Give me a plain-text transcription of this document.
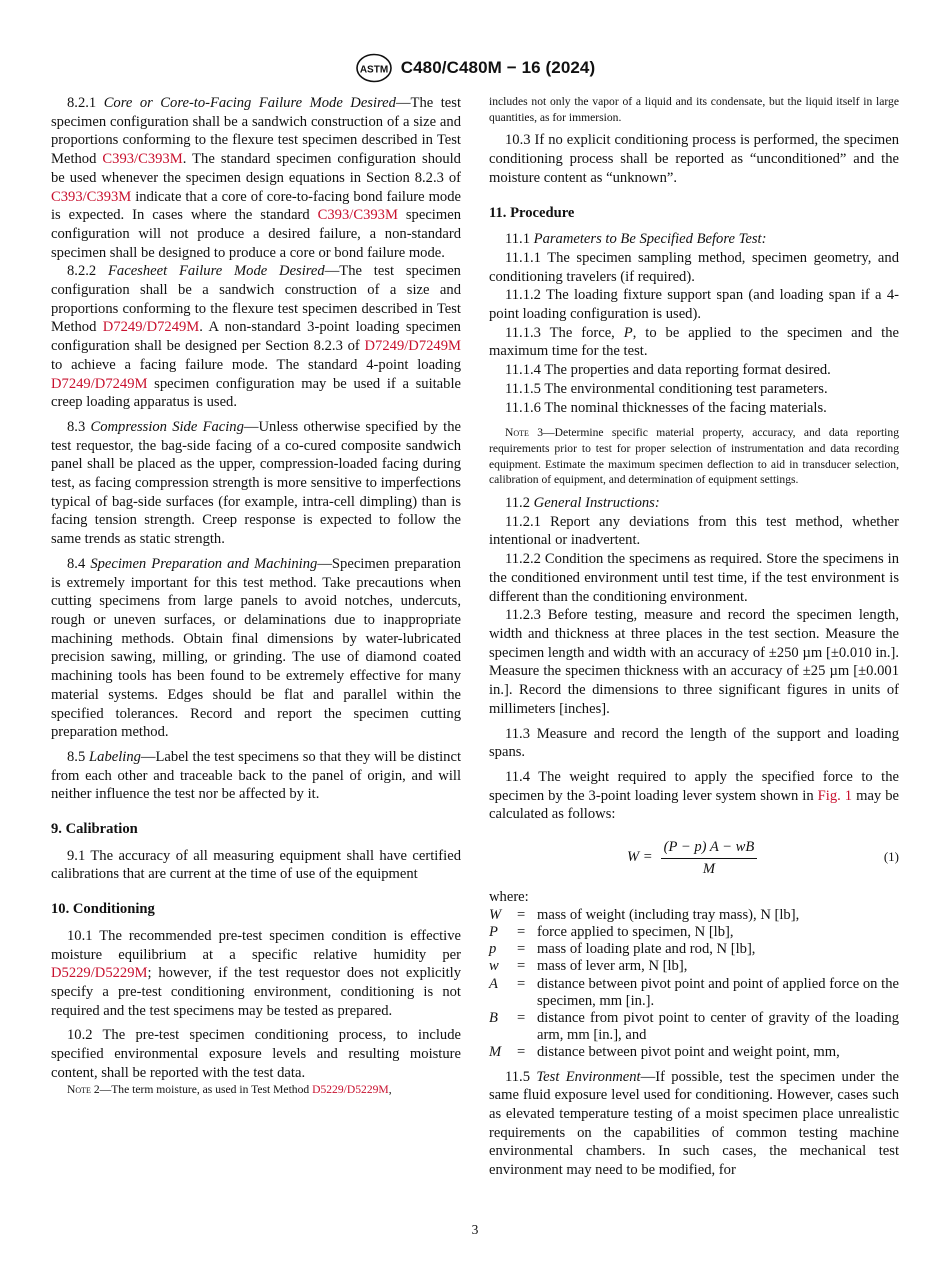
ASTM C480/C480M − 16 (2024)

8.2.1 Core or Core-to-Facing Failure Mode Desired—The test specimen configuration shall be a sandwich construction of a size and proportions conforming to the flexure test specimen described in Test Method C393/C393M. The standard specimen configuration should be used whenever the specimen design equations in Section 8.2.3 of C393/C393M indicate that a core of core-to-facing bond failure mode is expected. In cases where the standard C393/C393M specimen configuration will not produce a desired failure, a non-standard specimen shall be designed to produce a core or bond failure mode.

8.2.2 Facesheet Failure Mode Desired—The test specimen configuration shall be a sandwich construction of a size and proportions conforming to the flexure test specimen described in Test Method D7249/D7249M. A non-standard 3-point loading specimen configuration shall be designed per Section 8.2.3 of D7249/D7249M to achieve a facing failure mode. The standard 4-point loading D7249/D7249M specimen configuration may be used if a suitable creep loading apparatus is used.

8.3 Compression Side Facing—Unless otherwise specified by the test requestor, the bag-side facing of a co-cured composite sandwich panel shall be placed as the upper, compression-loaded facing during test, as facing compression strength is more sensitive to imperfections typical of bag-side surfaces (for example, intra-cell dimpling) than is facing tension strength. Creep response is expected to follow the same trends as static strength.

8.4 Specimen Preparation and Machining—Specimen preparation is extremely important for this test method. Take precautions when cutting specimens from large panels to avoid notches, undercuts, rough or uneven surfaces, or delaminations due to inappropriate machining methods. Obtain final dimensions by water-lubricated precision sawing, milling, or grinding. The use of diamond coated machining tools has been found to be extremely effective for many material systems. Edges should be flat and parallel within the specified tolerances. Record and report the specimen cutting preparation method.

8.5 Labeling—Label the test specimens so that they will be distinct from each other and traceable back to the panel of origin, and will neither influence the test nor be affected by it.

9. Calibration

9.1 The accuracy of all measuring equipment shall have certified calibrations that are current at the time of use of the equipment

10. Conditioning

10.1 The recommended pre-test specimen condition is effective moisture equilibrium at a specific relative humidity per D5229/D5229M; however, if the test requestor does not explicitly specify a pre-test conditioning environment, conditioning is not required and the test specimens may be tested as prepared.

10.2 The pre-test specimen conditioning process, to include specified environmental exposure levels and resulting moisture content, shall be reported with the test data.

Note 2—The term moisture, as used in Test Method D5229/D5229M,

includes not only the vapor of a liquid and its condensate, but the liquid itself in large quantities, as for immersion.

10.3 If no explicit conditioning process is performed, the specimen conditioning process shall be reported as “unconditioned” and the moisture content as “unknown”.

11. Procedure

11.1 Parameters to Be Specified Before Test:

11.1.1 The specimen sampling method, specimen geometry, and conditioning travelers (if required).

11.1.2 The loading fixture support span (and loading span if a 4-point loading configuration is used).

11.1.3 The force, P, to be applied to the specimen and the maximum time for the test.

11.1.4 The properties and data reporting format desired.

11.1.5 The environmental conditioning test parameters.

11.1.6 The nominal thicknesses of the facing materials.

Note 3—Determine specific material property, accuracy, and data reporting requirements prior to test for proper selection of instrumentation and data recording equipment. Estimate the maximum specimen deflection to aid in transducer selection, calibration of equipment, and determination of equipment settings.

11.2 General Instructions:

11.2.1 Report any deviations from this test method, whether intentional or inadvertent.

11.2.2 Condition the specimens as required. Store the specimens in the conditioned environment until test time, if the test environment is different than the conditioning environment.

11.2.3 Before testing, measure and record the specimen length, width and thickness at three places in the test section. Measure the specimen length and width with an accuracy of ±250 µm [±0.010 in.]. Measure the specimen thickness with an accuracy of ±25 µm [±0.001 in.]. Record the dimensions to three significant figures in units of millimeters [inches].

11.3 Measure and record the length of the support and loading spans.

11.4 The weight required to apply the specified force to the specimen by the 3-point loading lever system shown in Fig. 1 may be calculated as follows:

$W = \frac{(P - p) A - wB}{M}$	(1)

where:

W	=	mass of weight (including tray mass), N [lb],
P	=	force applied to specimen, N [lb],
p	=	mass of loading plate and rod, N [lb],
w	=	mass of lever arm, N [lb],
A	=	distance between pivot point and point of applied force on the specimen, mm [in.].
B	=	distance from pivot point to center of gravity of the loading arm, mm [in.], and
M	=	distance between pivot point and weight point, mm,

11.5 Test Environment—If possible, test the specimen under the same fluid exposure level used for conditioning. However, cases such as elevated temperature testing of a moist specimen place unrealistic requirements on the capabilities of common testing machine environmental chambers. In such cases, the mechanical test environment may need to be modified, for

3
